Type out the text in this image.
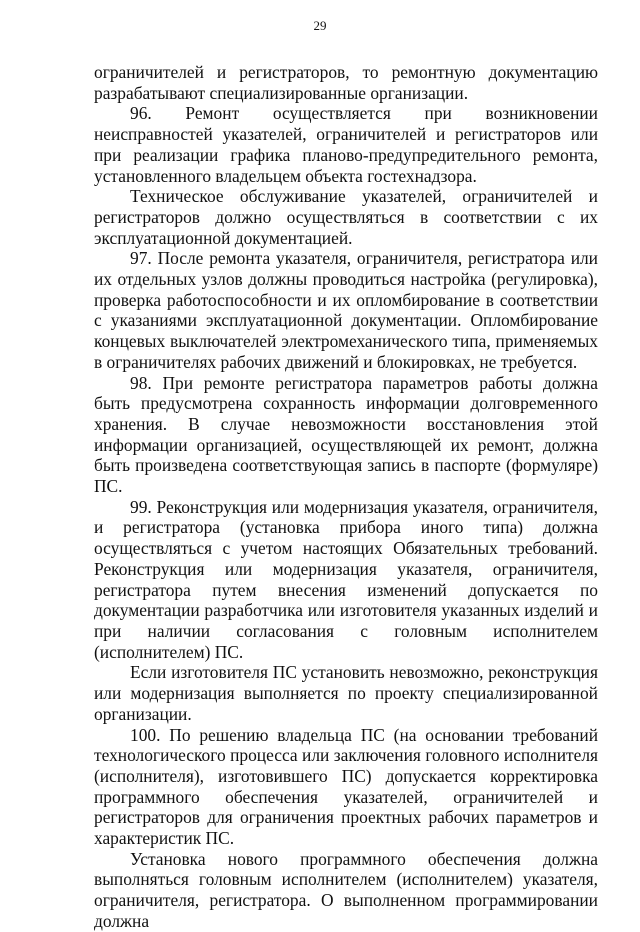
29

ограничителей и регистраторов, то ремонтную документацию разрабатывают специализированные организации.

96. Ремонт осуществляется при возникновении неисправностей указателей, ограничителей и регистраторов или при реализации графика планово-предупредительного ремонта, установленного владельцем объекта гостехнадзора.

Техническое обслуживание указателей, ограничителей и регистраторов должно осуществляться в соответствии с их эксплуатационной документацией.

97. После ремонта указателя, ограничителя, регистратора или их отдельных узлов должны проводиться настройка (регулировка), проверка работоспособности и их опломбирование в соответствии с указаниями эксплуатационной документации. Опломбирование концевых выключателей электромеханического типа, применяемых в ограничителях рабочих движений и блокировках, не требуется.

98. При ремонте регистратора параметров работы должна быть предусмотрена сохранность информации долговременного хранения. В случае невозможности восстановления этой информации организацией, осуществляющей их ремонт, должна быть произведена соответствующая запись в паспорте (формуляре) ПС.

99. Реконструкция или модернизация указателя, ограничителя, и регистратора (установка прибора иного типа) должна осуществляться с учетом настоящих Обязательных требований. Реконструкция или модернизация указателя, ограничителя, регистратора путем внесения изменений допускается по документации разработчика или изготовителя указанных изделий и при наличии согласования с головным исполнителем (исполнителем) ПС.

Если изготовителя ПС установить невозможно, реконструкция или модернизация выполняется по проекту специализированной организации.

100. По решению владельца ПС (на основании требований технологического процесса или заключения головного исполнителя (исполнителя), изготовившего ПС) допускается корректировка программного обеспечения указателей, ограничителей и регистраторов для ограничения проектных рабочих параметров и характеристик ПС.

Установка нового программного обеспечения должна выполняться головным исполнителем (исполнителем) указателя, ограничителя, регистратора. О выполненном программировании должна
